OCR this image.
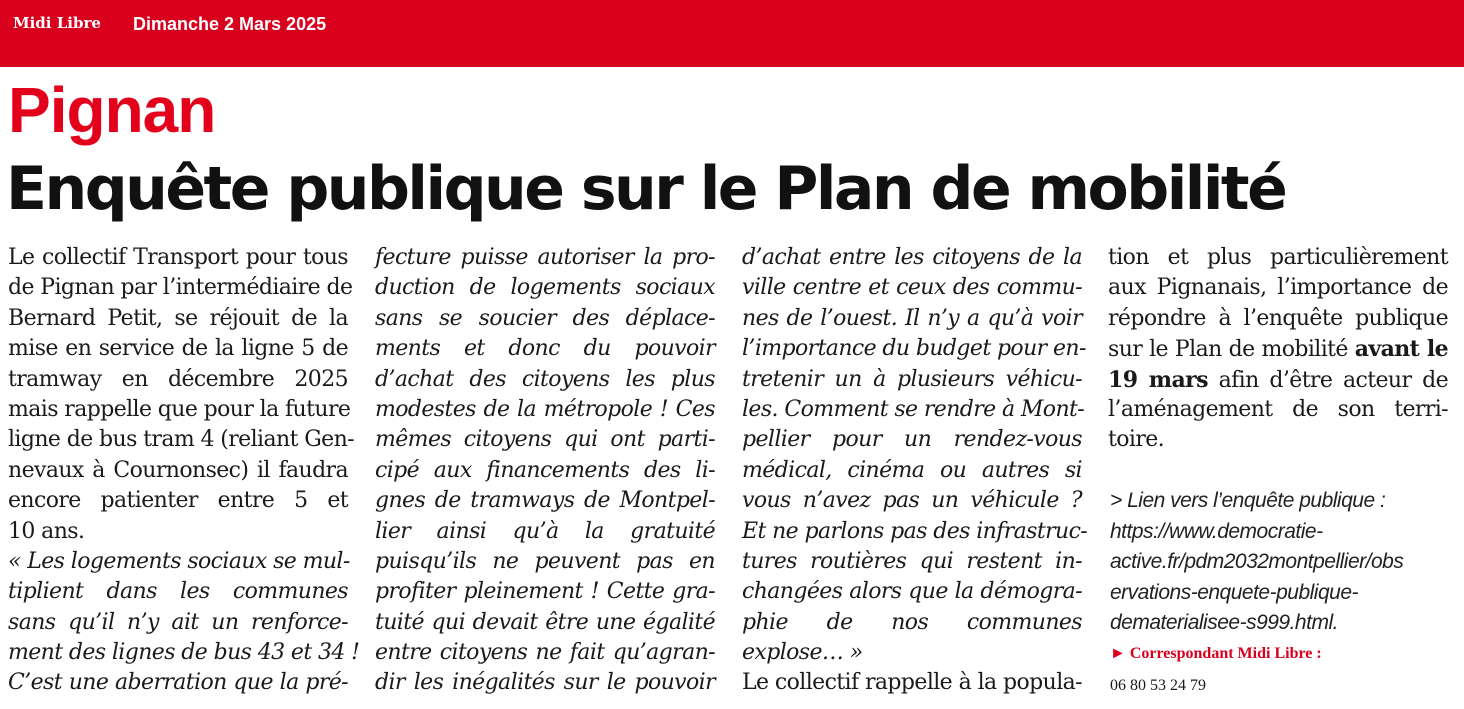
Midi Libre Dimanche 2 Mars 2025
Pignan
Enquête publique sur le Plan de mobilité
Le collectif Transport pour tous
de Pignan par l’intermédiaire de
Bernard Petit, se réjouit de la
mise en service de la ligne 5 de
tramway en décembre 2025
mais rappelle que pour la future
ligne de bus tram 4 (reliant Gen-
nevaux à Cournonsec) il faudra
encore patienter entre 5 et
10 ans.
« Les logements sociaux se mul-
tiplient dans les communes
sans qu’il n’y ait un renforce-
ment des lignes de bus 43 et 34 !
C’est une aberration que la pré-
fecture puisse autoriser la pro-
duction de logements sociaux
sans se soucier des déplace-
ments et donc du pouvoir
d’achat des citoyens les plus
modestes de la métropole ! Ces
mêmes citoyens qui ont parti-
cipé aux financements des li-
gnes de tramways de Montpel-
lier ainsi qu’à la gratuité
puisqu’ils ne peuvent pas en
profiter pleinement ! Cette gra-
tuité qui devait être une égalité
entre citoyens ne fait qu’agran-
dir les inégalités sur le pouvoir
d’achat entre les citoyens de la
ville centre et ceux des commu-
nes de l’ouest. Il n’y a qu’à voir
l’importance du budget pour en-
tretenir un à plusieurs véhicu-
les. Comment se rendre à Mont-
pellier pour un rendez-vous
médical, cinéma ou autres si
vous n’avez pas un véhicule ?
Et ne parlons pas des infrastruc-
tures routières qui restent in-
changées alors que la démogra-
phie de nos communes
explose… »
Le collectif rappelle à la popula-
tion et plus particulièrement
aux Pignanais, l’importance de
répondre à l’enquête publique
sur le Plan de mobilité avant le
19 mars afin d’être acteur de
l’aménagement de son terri-
toire.
> Lien vers l’enquête publique :
https://www.democratie-
active.fr/pdm2032montpellier/obs
ervations-enquete-publique-
dematerialisee-s999.html.
► Correspondant Midi Libre :
06 80 53 24 79
